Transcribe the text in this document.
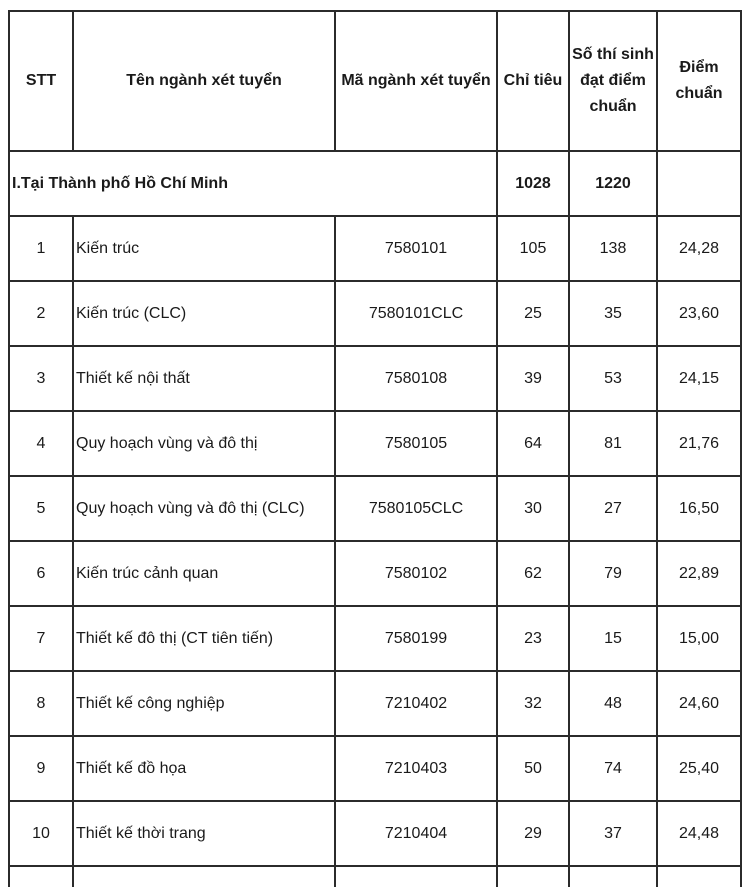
STT	Tên ngành xét tuyển	Mã ngành xét tuyển	Chỉ tiêu	Số thí sinh đạt điểm chuẩn	Điểm chuẩn
I.Tại Thành phố Hồ Chí Minh			1028	1220	
1	Kiến trúc	7580101	105	138	24,28
2	Kiến trúc (CLC)	7580101CLC	25	35	23,60
3	Thiết kế nội thất	7580108	39	53	24,15
4	Quy hoạch vùng và đô thị	7580105	64	81	21,76
5	Quy hoạch vùng và đô thị (CLC)	7580105CLC	30	27	16,50
6	Kiến trúc cảnh quan	7580102	62	79	22,89
7	Thiết kế đô thị (CT tiên tiến)	7580199	23	15	15,00
8	Thiết kế công nghiệp	7210402	32	48	24,60
9	Thiết kế đồ họa	7210403	50	74	25,40
10	Thiết kế thời trang	7210404	29	37	24,48
